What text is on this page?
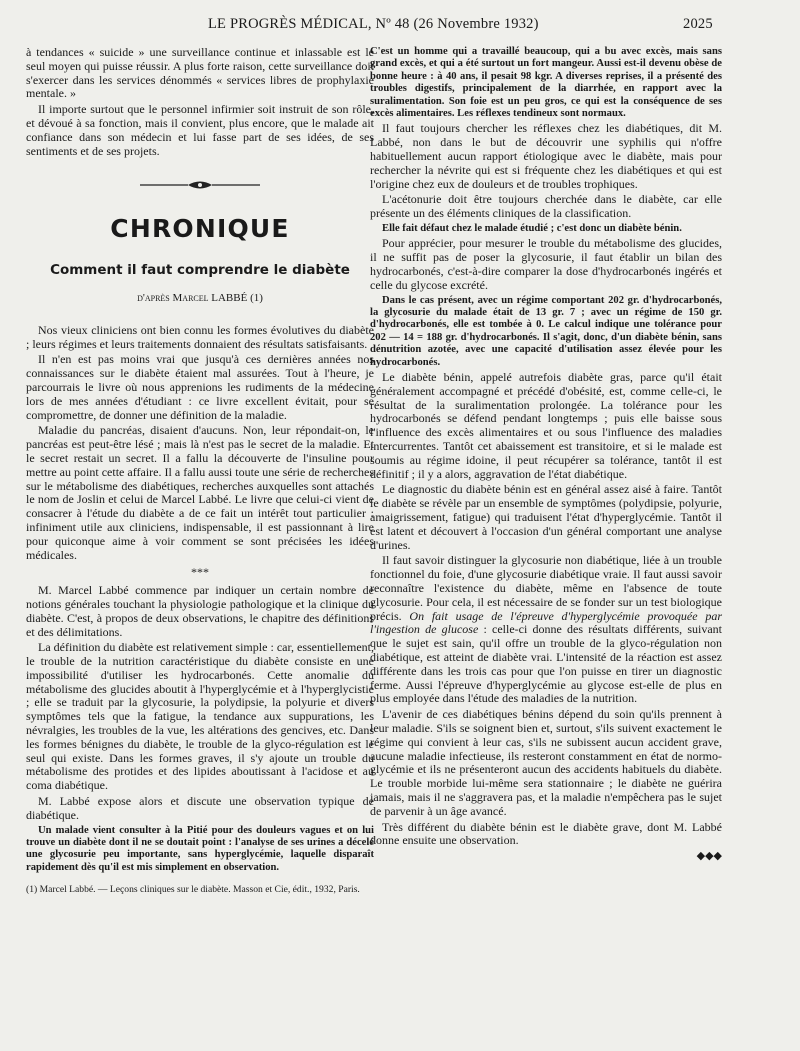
LE PROGRÈS MÉDICAL, Nº 48 (26 Novembre 1932)	2025

à tendances « suicide » une surveillance continue et inlassable est le seul moyen qui puisse réussir. A plus forte raison, cette surveillance doit s'exercer dans les services dénommés « services libres de prophylaxie mentale. »

Il importe surtout que le personnel infirmier soit instruit de son rôle, et dévoué à sa fonction, mais il convient, plus encore, que le malade ait confiance dans son médecin et lui fasse part de ses idées, de ses sentiments et de ses projets.

CHRONIQUE
Comment il faut comprendre le diabète
d'après Marcel LABBÉ (1)

Nos vieux cliniciens ont bien connu les formes évolutives du diabète ; leurs régimes et leurs traitements donnaient des résultats satisfaisants.

Il n'en est pas moins vrai que jusqu'à ces dernières années nos connaissances sur le diabète étaient mal assurées. Tout à l'heure, je parcourrais le livre où nous apprenions les rudiments de la médecine lors de mes années d'étudiant : ce livre excellent évitait, pour se compromettre, de donner une définition de la maladie.

Maladie du pancréas, disaient d'aucuns. Non, leur répondait-on, le pancréas est peut-être lésé ; mais là n'est pas le secret de la maladie. Et le secret restait un secret. Il a fallu la découverte de l'insuline pour mettre au point cette affaire. Il a fallu aussi toute une série de recherches sur le métabolisme des diabétiques, recherches auxquelles sont attachés le nom de Joslin et celui de Marcel Labbé. Le livre que celui-ci vient de consacrer à l'étude du diabète a de ce fait un intérêt tout particulier : infiniment utile aux cliniciens, indispensable, il est passionnant à lire pour quiconque aime à voir comment se sont précisées les idées médicales.

***

M. Marcel Labbé commence par indiquer un certain nombre de notions générales touchant la physiologie pathologique et la clinique du diabète. C'est, à propos de deux observations, le chapitre des définitions et des délimitations.

La définition du diabète est relativement simple : car, essentiellement, le trouble de la nutrition caractéristique du diabète consiste en une impossibilité d'utiliser les hydrocarbonés. Cette anomalie du métabolisme des glucides aboutit à l'hyperglycémie et à l'hyperglycistie ; elle se traduit par la glycosurie, la polydipsie, la polyurie et divers symptômes tels que la fatigue, la tendance aux suppurations, les névralgies, les troubles de la vue, les altérations des gencives, etc. Dans les formes bénignes du diabète, le trouble de la glyco-régulation est le seul qui existe. Dans les formes graves, il s'y ajoute un trouble du métabolisme des protides et des lipides aboutissant à l'acidose et au coma diabétique.

M. Labbé expose alors et discute une observation typique de diabétique.

Un malade vient consulter à la Pitié pour des douleurs vagues et on lui trouve un diabète dont il ne se doutait point : l'analyse de ses urines a décelé une glycosurie peu importante, sans hyperglycémie, laquelle disparaît rapidement dès qu'il est mis simplement en observation.

(1) Marcel Labbé. — Leçons cliniques sur le diabète. Masson et Cie, édit., 1932, Paris.

C'est un homme qui a travaillé beaucoup, qui a bu avec excès, mais sans grand excès, et qui a été surtout un fort mangeur. Aussi est-il devenu obèse de bonne heure : à 40 ans, il pesait 98 kgr. A diverses reprises, il a présenté des troubles digestifs, principalement de la diarrhée, en rapport avec la suralimentation. Son foie est un peu gros, ce qui est la conséquence de ses excès alimentaires. Les réflexes tendineux sont normaux.

Il faut toujours chercher les réflexes chez les diabétiques, dit M. Labbé, non dans le but de découvrir une syphilis qui n'offre habituellement aucun rapport étiologique avec le diabète, mais pour rechercher la névrite qui est si fréquente chez les diabétiques et qui est l'origine chez eux de douleurs et de troubles trophiques.

L'acétonurie doit être toujours cherchée dans le diabète, car elle présente un des éléments cliniques de la classification.

Elle fait défaut chez le malade étudié ; c'est donc un diabète bénin.

Pour apprécier, pour mesurer le trouble du métabolisme des glucides, il ne suffit pas de poser la glycosurie, il faut établir un bilan des hydrocarbonés, c'est-à-dire comparer la dose d'hydrocarbonés ingérés et celle du glycose excrété.

Dans le cas présent, avec un régime comportant 202 gr. d'hydrocarbonés, la glycosurie du malade était de 13 gr. 7 ; avec un régime de 150 gr. d'hydrocarbonés, elle est tombée à 0. Le calcul indique une tolérance pour 202 — 14 = 188 gr. d'hydrocarbonés. Il s'agit, donc, d'un diabète bénin, sans dénutrition azotée, avec une capacité d'utilisation assez élevée pour les hydrocarbonés.

Le diabète bénin, appelé autrefois diabète gras, parce qu'il était généralement accompagné et précédé d'obésité, est, comme celle-ci, le résultat de la suralimentation prolongée. La tolérance pour les hydrocarbonés se défend pendant longtemps ; puis elle baisse sous l'influence des excès alimentaires et ou sous l'influence des maladies intercurrentes. Tantôt cet abaissement est transitoire, et si le malade est soumis au régime idoine, il peut récupérer sa tolérance, tantôt il est définitif ; il y a alors, aggravation de l'état diabétique.

Le diagnostic du diabète bénin est en général assez aisé à faire. Tantôt le diabète se révèle par un ensemble de symptômes (polydipsie, polyurie, amaigrissement, fatigue) qui traduisent l'état d'hyperglycémie. Tantôt il est latent et découvert à l'occasion d'un général comportant une analyse d'urines.

Il faut savoir distinguer la glycosurie non diabétique, liée à un trouble fonctionnel du foie, d'une glycosurie diabétique vraie. Il faut aussi savoir reconnaître l'existence du diabète, même en l'absence de toute glycosurie. Pour cela, il est nécessaire de se fonder sur un test biologique précis. On fait usage de l'épreuve d'hyperglycémie provoquée par l'ingestion de glucose : celle-ci donne des résultats différents, suivant que le sujet est sain, qu'il offre un trouble de la glyco-régulation non diabétique, est atteint de diabète vrai. L'intensité de la réaction est assez différente dans les trois cas pour que l'on puisse en tirer un diagnostic ferme. Aussi l'épreuve d'hyperglycémie au glycose est-elle de plus en plus employée dans l'étude des maladies de la nutrition.

L'avenir de ces diabétiques bénins dépend du soin qu'ils prennent à leur maladie. S'ils se soignent bien et, surtout, s'ils suivent exactement le régime qui convient à leur cas, s'ils ne subissent aucun accident grave, aucune maladie infectieuse, ils resteront constamment en état de normo-glycémie et ils ne présenteront aucun des accidents habituels du diabète. Le trouble morbide lui-même sera stationnaire ; le diabète ne guérira jamais, mais il ne s'aggravera pas, et la maladie n'empêchera pas le sujet de parvenir à un âge avancé.

Très différent du diabète bénin est le diabète grave, dont M. Labbé donne ensuite une observation.

◆◆◆
